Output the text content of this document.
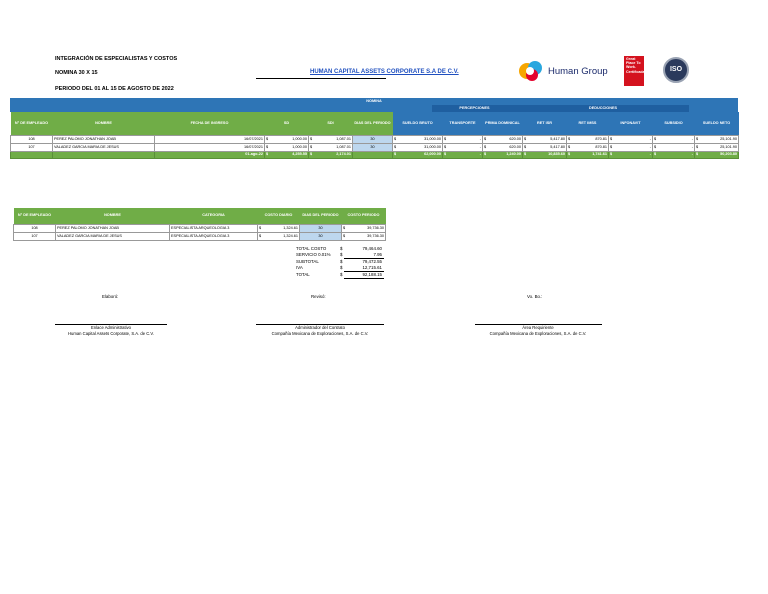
INTEGRACIÓN DE ESPECIALISTAS Y COSTOS
NOMINA 30 X 15
PERIODO DEL 01 AL 15 DE AGOSTO DE 2022
HUMAN CAPITAL ASSETS CORPORATE S.A DE C.V.	Human Group
Great Place To Work. Certificada	ISO
NOMINA
PERCEPCIONES	DEDUCCIONES
N° DE EMPLEADO	NOMBRE	FECHA DE INGRESO	SD	SDI	DIAS DEL PERIODO	SUELDO BRUTO	TRANSPORTE	PRIMA DOMINICAL	RET ISR	RET IMSS	INFONAVIT	SUBSIDIO	SUELDO NETO
108	PEREZ PALOMO JONATHAN JOAB	16/07/2021	$ 1,000.00	$ 1,087.01	30	$ 31,000.00	$ -	$ 620.00	$ 5,417.80	$ 870.81	$ -	$ -	$ 25,101.90
107	VALADEZ GARCIA MARIA DE JESUS	16/07/2021	$ 1,000.00	$ 1,087.01	30	$ 31,000.00	$ -	$ 620.00	$ 5,417.80	$ 870.81	$ -	$ -	$ 25,101.90
		01-ago-22	$ 4,255.55	$ 2,174.01		$ 62,000.00	$ -	$ 1,240.00	$ 10,835.60	$ 1,741.61	$ -	$ -	$ 50,203.80
N° DE EMPLEADO	NOMBRE	CATEGORIA	COSTO DIARIO	DIAS DEL PERIODO	COSTO PERIODO
108	PEREZ PALOMO JONATHAN JOAB	ESPECIALISTA ARQUEOLOGIA 3	$ 1,324.61	30	$ 39,736.30
107	VALADEZ GARCIA MARIA DE JESUS	ESPECIALISTA ARQUEOLOGIA 3	$ 1,324.61	30	$ 39,736.30
TOTAL COSTO	$	79,464.60
SERVICIO 0.01%	$	7.95
SUBTOTAL	$	79,472.55
IVA	$	12,715.61
TOTAL	$	92,188.15
Elaboró:	Revisó:	Vo. Bo.:
Enlace Administrativo
Human Capital Assets Corporate, S.A. de C.V.
Administrador del Contrato
Compañía Mexicana de Exploraciones, S.A. de C.V.
Área Requiriente
Compañía Mexicana de Exploraciones, S.A. de C.V.
